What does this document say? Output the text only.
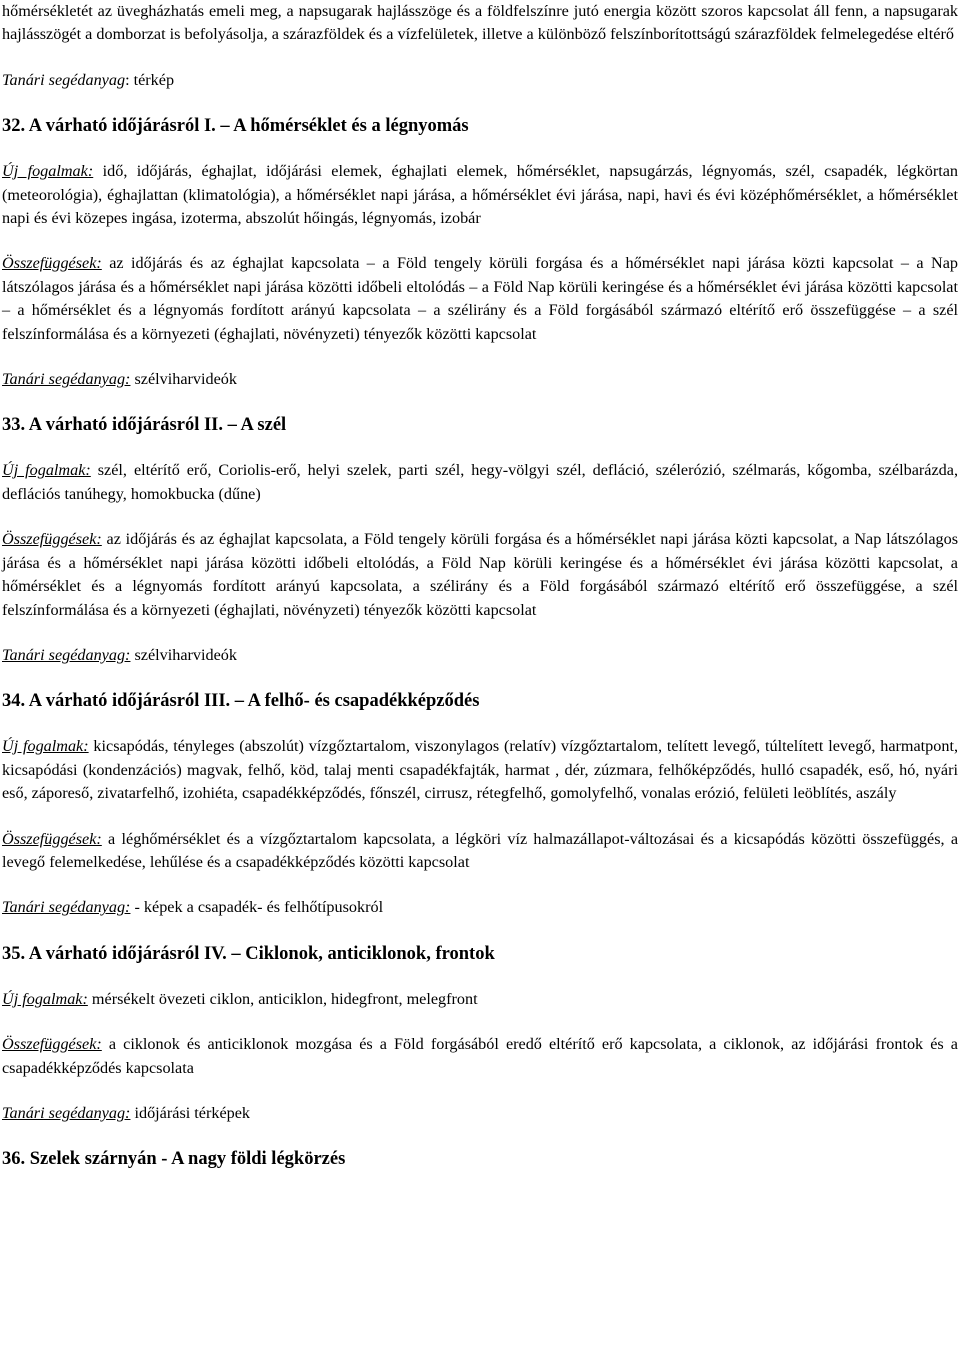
hőmérsékletét az üvegházhatás emeli meg, a napsugarak hajlásszöge és a földfelszínre jutó energia között szoros kapcsolat áll fenn, a napsugarak hajlásszögét a domborzat is befolyásolja, a szárazföldek és a vízfelületek, illetve a különböző felszínborítottságú szárazföldek felmelegedése eltérő

Tanári segédanyag: térkép

32. A várható időjárásról I. – A hőmérséklet és a légnyomás

Új fogalmak: idő, időjárás, éghajlat, időjárási elemek, éghajlati elemek, hőmérséklet, napsugárzás, légnyomás, szél, csapadék, légkörtan (meteorológia), éghajlattan (klimatológia), a hőmérséklet napi járása, a hőmérséklet évi járása, napi, havi és évi középhőmérséklet, a hőmérséklet napi és évi közepes ingása, izoterma, abszolút hőingás, légnyomás, izobár

Összefüggések: az időjárás és az éghajlat kapcsolata – a Föld tengely körüli forgása és a hőmérséklet napi járása közti kapcsolat – a Nap látszólagos járása és a hőmérséklet napi járása közötti időbeli eltolódás – a Föld Nap körüli keringése és a hőmérséklet évi járása közötti kapcsolat – a hőmérséklet és a légnyomás fordított arányú kapcsolata – a szélirány és a Föld forgásából származó eltérítő erő összefüggése – a szél felszínformálása és a környezeti (éghajlati, növényzeti) tényezők közötti kapcsolat

Tanári segédanyag: szélviharvideók

33. A várható időjárásról II. – A szél

Új fogalmak: szél, eltérítő erő, Coriolis-erő, helyi szelek, parti szél, hegy-völgyi szél, defláció, szélerózió, szélmarás, kőgomba, szélbarázda, deflációs tanúhegy, homokbucka (dűne)

Összefüggések: az időjárás és az éghajlat kapcsolata, a Föld tengely körüli forgása és a hőmérséklet napi járása közti kapcsolat, a Nap látszólagos járása és a hőmérséklet napi járása közötti időbeli eltolódás, a Föld Nap körüli keringése és a hőmérséklet évi járása közötti kapcsolat, a hőmérséklet és a légnyomás fordított arányú kapcsolata, a szélirány és a Föld forgásából származó eltérítő erő összefüggése, a szél felszínformálása és a környezeti (éghajlati, növényzeti) tényezők közötti kapcsolat

Tanári segédanyag: szélviharvideók

34. A várható időjárásról III. – A felhő- és csapadékképződés

Új fogalmak: kicsapódás, tényleges (abszolút) vízgőztartalom, viszonylagos (relatív) vízgőztartalom, telített levegő, túltelített levegő, harmatpont, kicsapódási (kondenzációs) magvak, felhő, köd, talaj menti csapadékfajták, harmat , dér, zúzmara, felhőképződés, hulló csapadék, eső, hó, nyári eső, záporeső, zivatarfelhő, izohiéta, csapadékképződés, főnszél, cirrusz, rétegfelhő, gomolyfelhő, vonalas erózió, felületi leöblítés, aszály

Összefüggések: a léghőmérséklet és a vízgőztartalom kapcsolata, a légköri víz halmazállapot-változásai és a kicsapódás közötti összefüggés, a levegő felemelkedése, lehűlése és a csapadékképződés közötti kapcsolat

Tanári segédanyag: - képek a csapadék- és felhőtípusokról

35. A várható időjárásról IV. – Ciklonok, anticiklonok, frontok

Új fogalmak: mérsékelt övezeti ciklon, anticiklon, hidegfront, melegfront

Összefüggések: a ciklonok és anticiklonok mozgása és a Föld forgásából eredő eltérítő erő kapcsolata, a ciklonok, az időjárási frontok és a csapadékképződés kapcsolata

Tanári segédanyag: időjárási térképek

36. Szelek szárnyán - A nagy földi légkörzés
